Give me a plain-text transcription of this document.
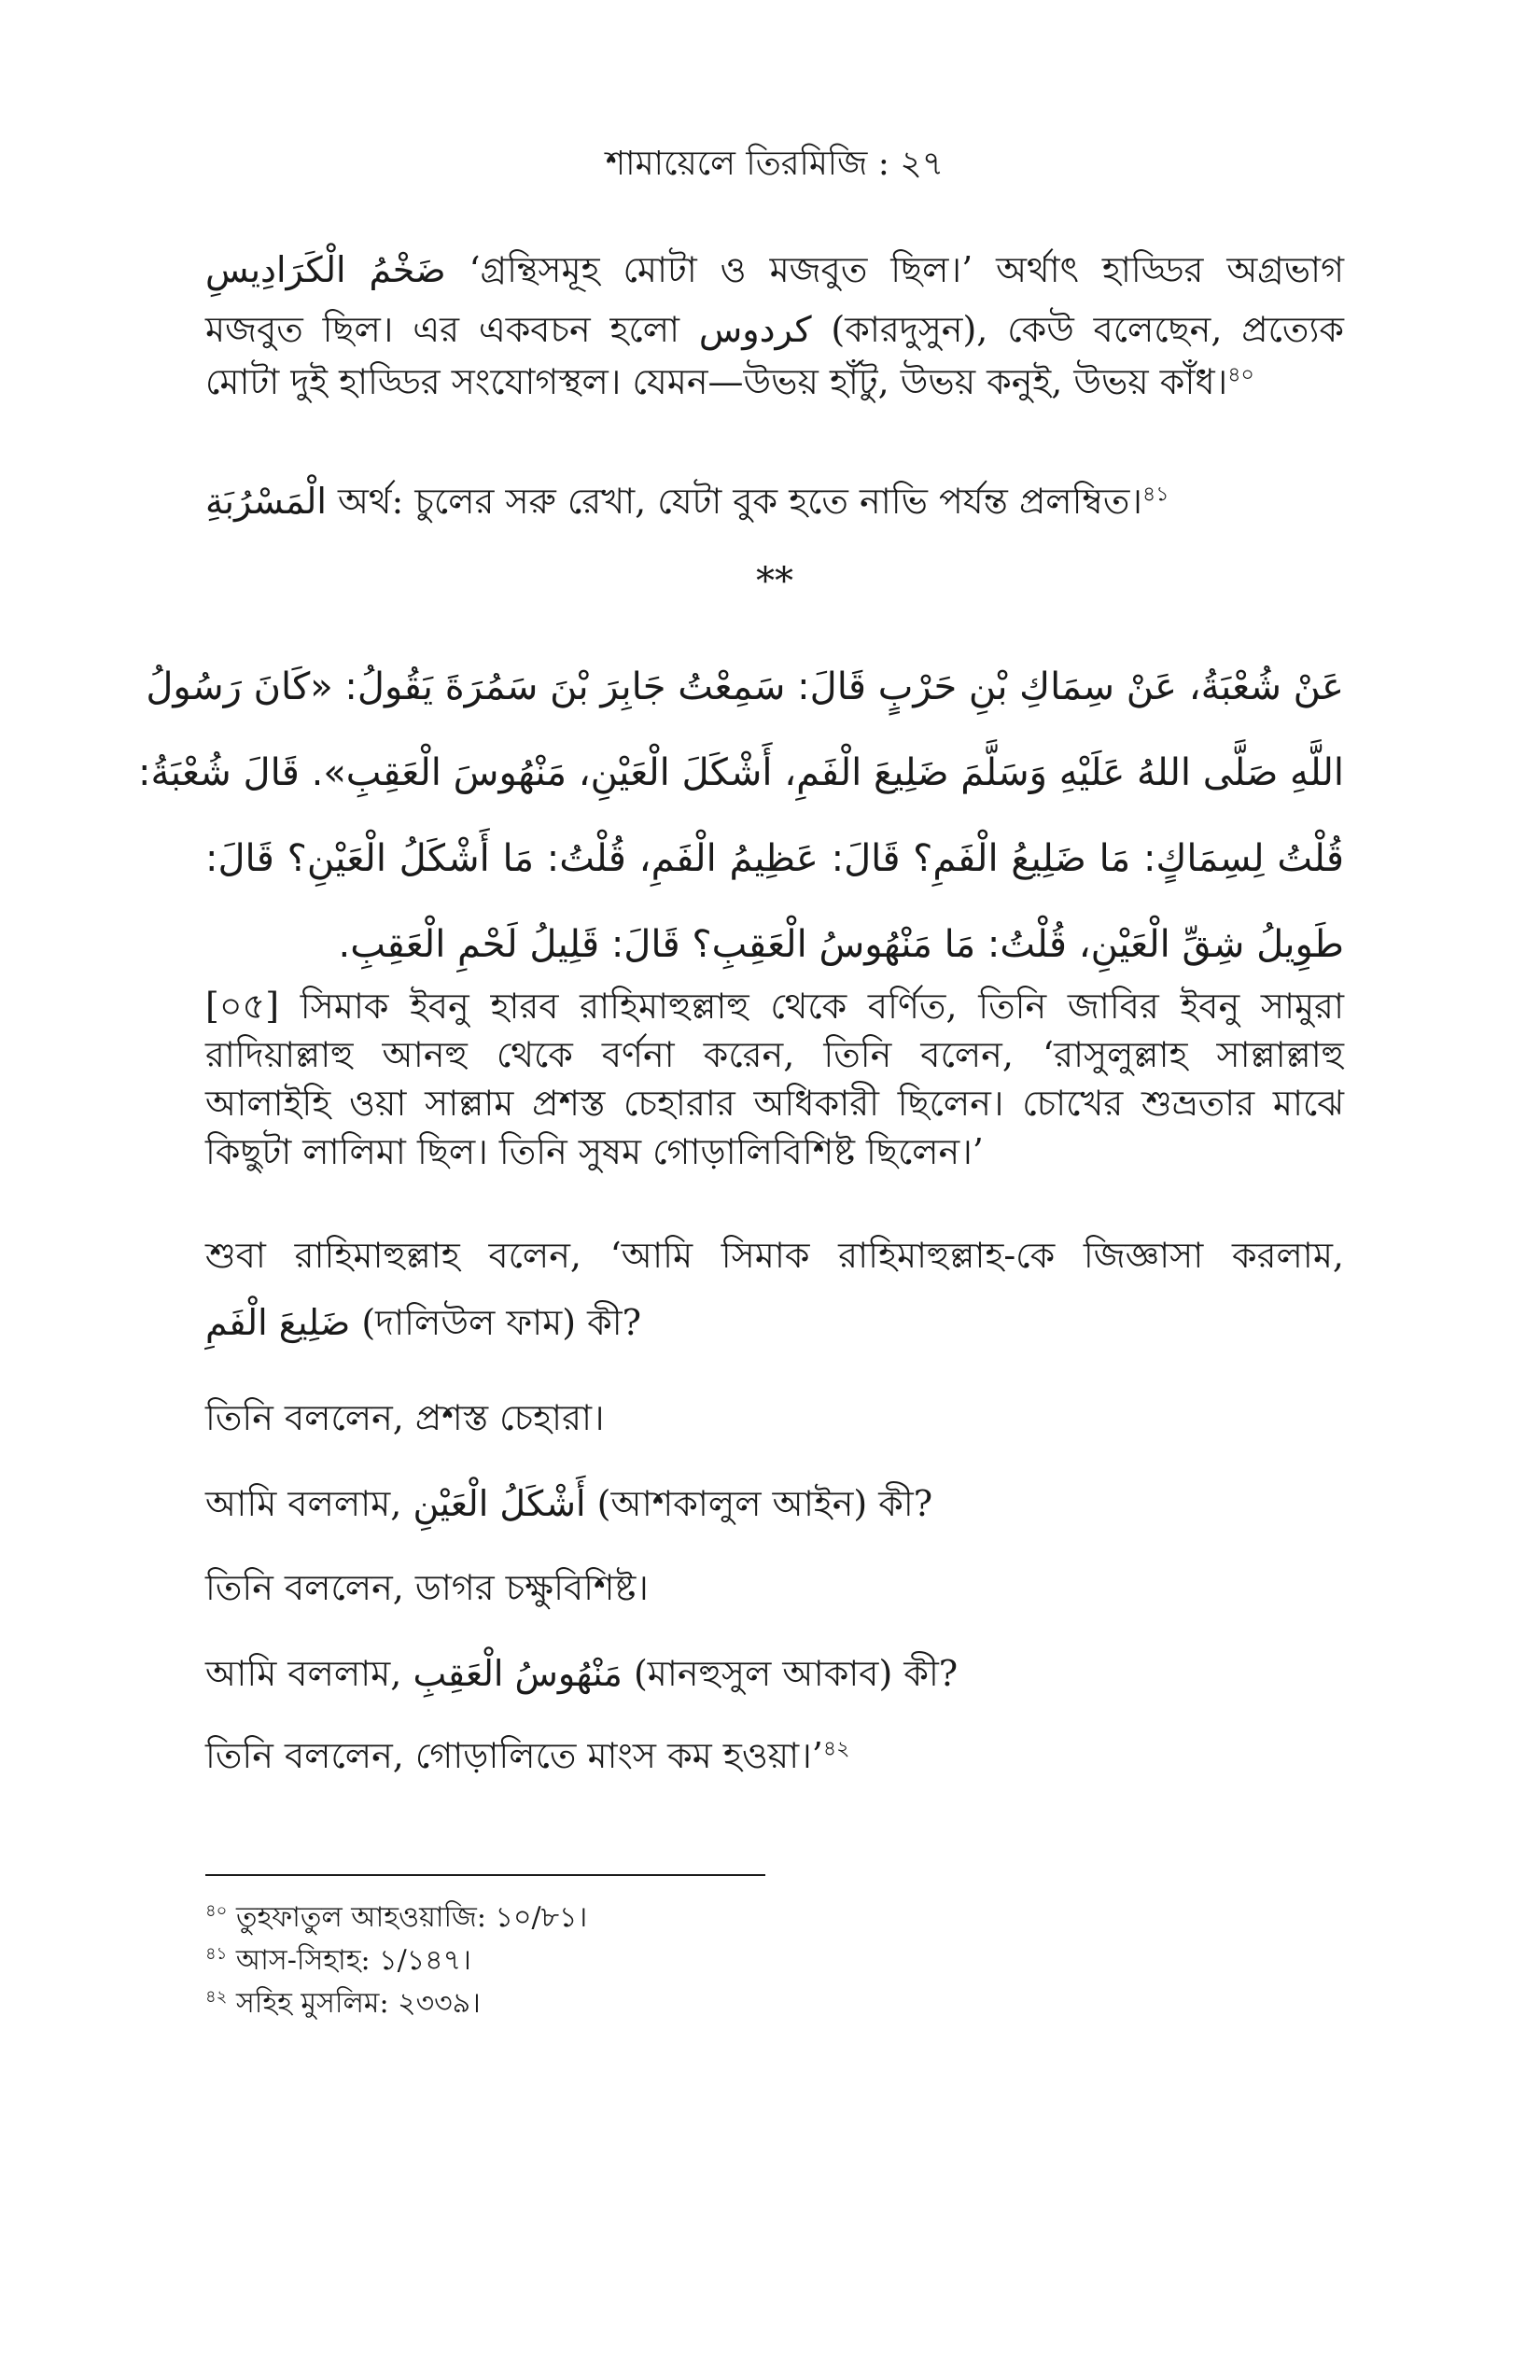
শামায়েলে তিরমিজি : ২৭
ضَخْمُ الْكَرَادِيسِ ‘গ্রন্থিসমূহ মোটা ও মজবুত ছিল।’ অর্থাৎ হাড্ডির অগ্রভাগ
মজবুত ছিল। এর একবচন হলো كردوس (কারদুসুন), কেউ বলেছেন, প্রত্যেক
মোটা দুই হাড্ডির সংযোগস্থল। যেমন—উভয় হাঁটু, উভয় কনুই, উভয় কাঁধ।$^{৪০}$
الْمَسْرُبَةِ অর্থ: চুলের সরু রেখা, যেটা বুক হতে নাভি পর্যন্ত প্রলম্বিত।$^{৪১}$
**
عَنْ شُعْبَةُ، عَنْ سِمَاكِ بْنِ حَرْبٍ قَالَ: سَمِعْتُ جَابِرَ بْنَ سَمُرَةَ يَقُولُ: «كَانَ رَسُولُ
اللَّهِ صَلَّى اللهُ عَلَيْهِ وَسَلَّمَ ضَلِيعَ الْفَمِ، أَشْكَلَ الْعَيْنِ، مَنْهُوسَ الْعَقِبِ». قَالَ شُعْبَةُ:
قُلْتُ لِسِمَاكٍ: مَا ضَلِيعُ الْفَمِ؟ قَالَ: عَظِيمُ الْفَمِ، قُلْتُ: مَا أَشْكَلُ الْعَيْنِ؟ قَالَ:
طَوِيلُ شِقِّ الْعَيْنِ، قُلْتُ: مَا مَنْهُوسُ الْعَقِبِ؟ قَالَ: قَلِيلُ لَحْمِ الْعَقِبِ.
[০৫] সিমাক ইবনু হারব রাহিমাহুল্লাহু থেকে বর্ণিত, তিনি জাবির ইবনু সামুরা
রাদিয়াল্লাহু আনহু থেকে বর্ণনা করেন, তিনি বলেন, ‘রাসুলুল্লাহ সাল্লাল্লাহু
আলাইহি ওয়া সাল্লাম প্রশস্ত চেহারার অধিকারী ছিলেন। চোখের শুভ্রতার মাঝে
কিছুটা লালিমা ছিল। তিনি সুষম গোড়ালিবিশিষ্ট ছিলেন।’
শুবা রাহিমাহুল্লাহ বলেন, ‘আমি সিমাক রাহিমাহুল্লাহ-কে জিজ্ঞাসা করলাম,
ضَلِيعَ الْفَمِ (দালিউল ফাম) কী?
তিনি বললেন, প্রশস্ত চেহারা।
আমি বললাম, أَشْكَلُ الْعَيْنِ (আশকালুল আইন) কী?
তিনি বললেন, ডাগর চক্ষুবিশিষ্ট।
আমি বললাম, مَنْهُوسُ الْعَقِبِ (মানহুসুল আকাব) কী?
তিনি বললেন, গোড়ালিতে মাংস কম হওয়া।’$^{৪২}$
$^{৪০}$ তুহফাতুল আহওয়াজি: ১০/৮১।
$^{৪১}$ আস-সিহাহ: ১/১৪৭।
$^{৪২}$ সহিহ মুসলিম: ২৩৩৯।
